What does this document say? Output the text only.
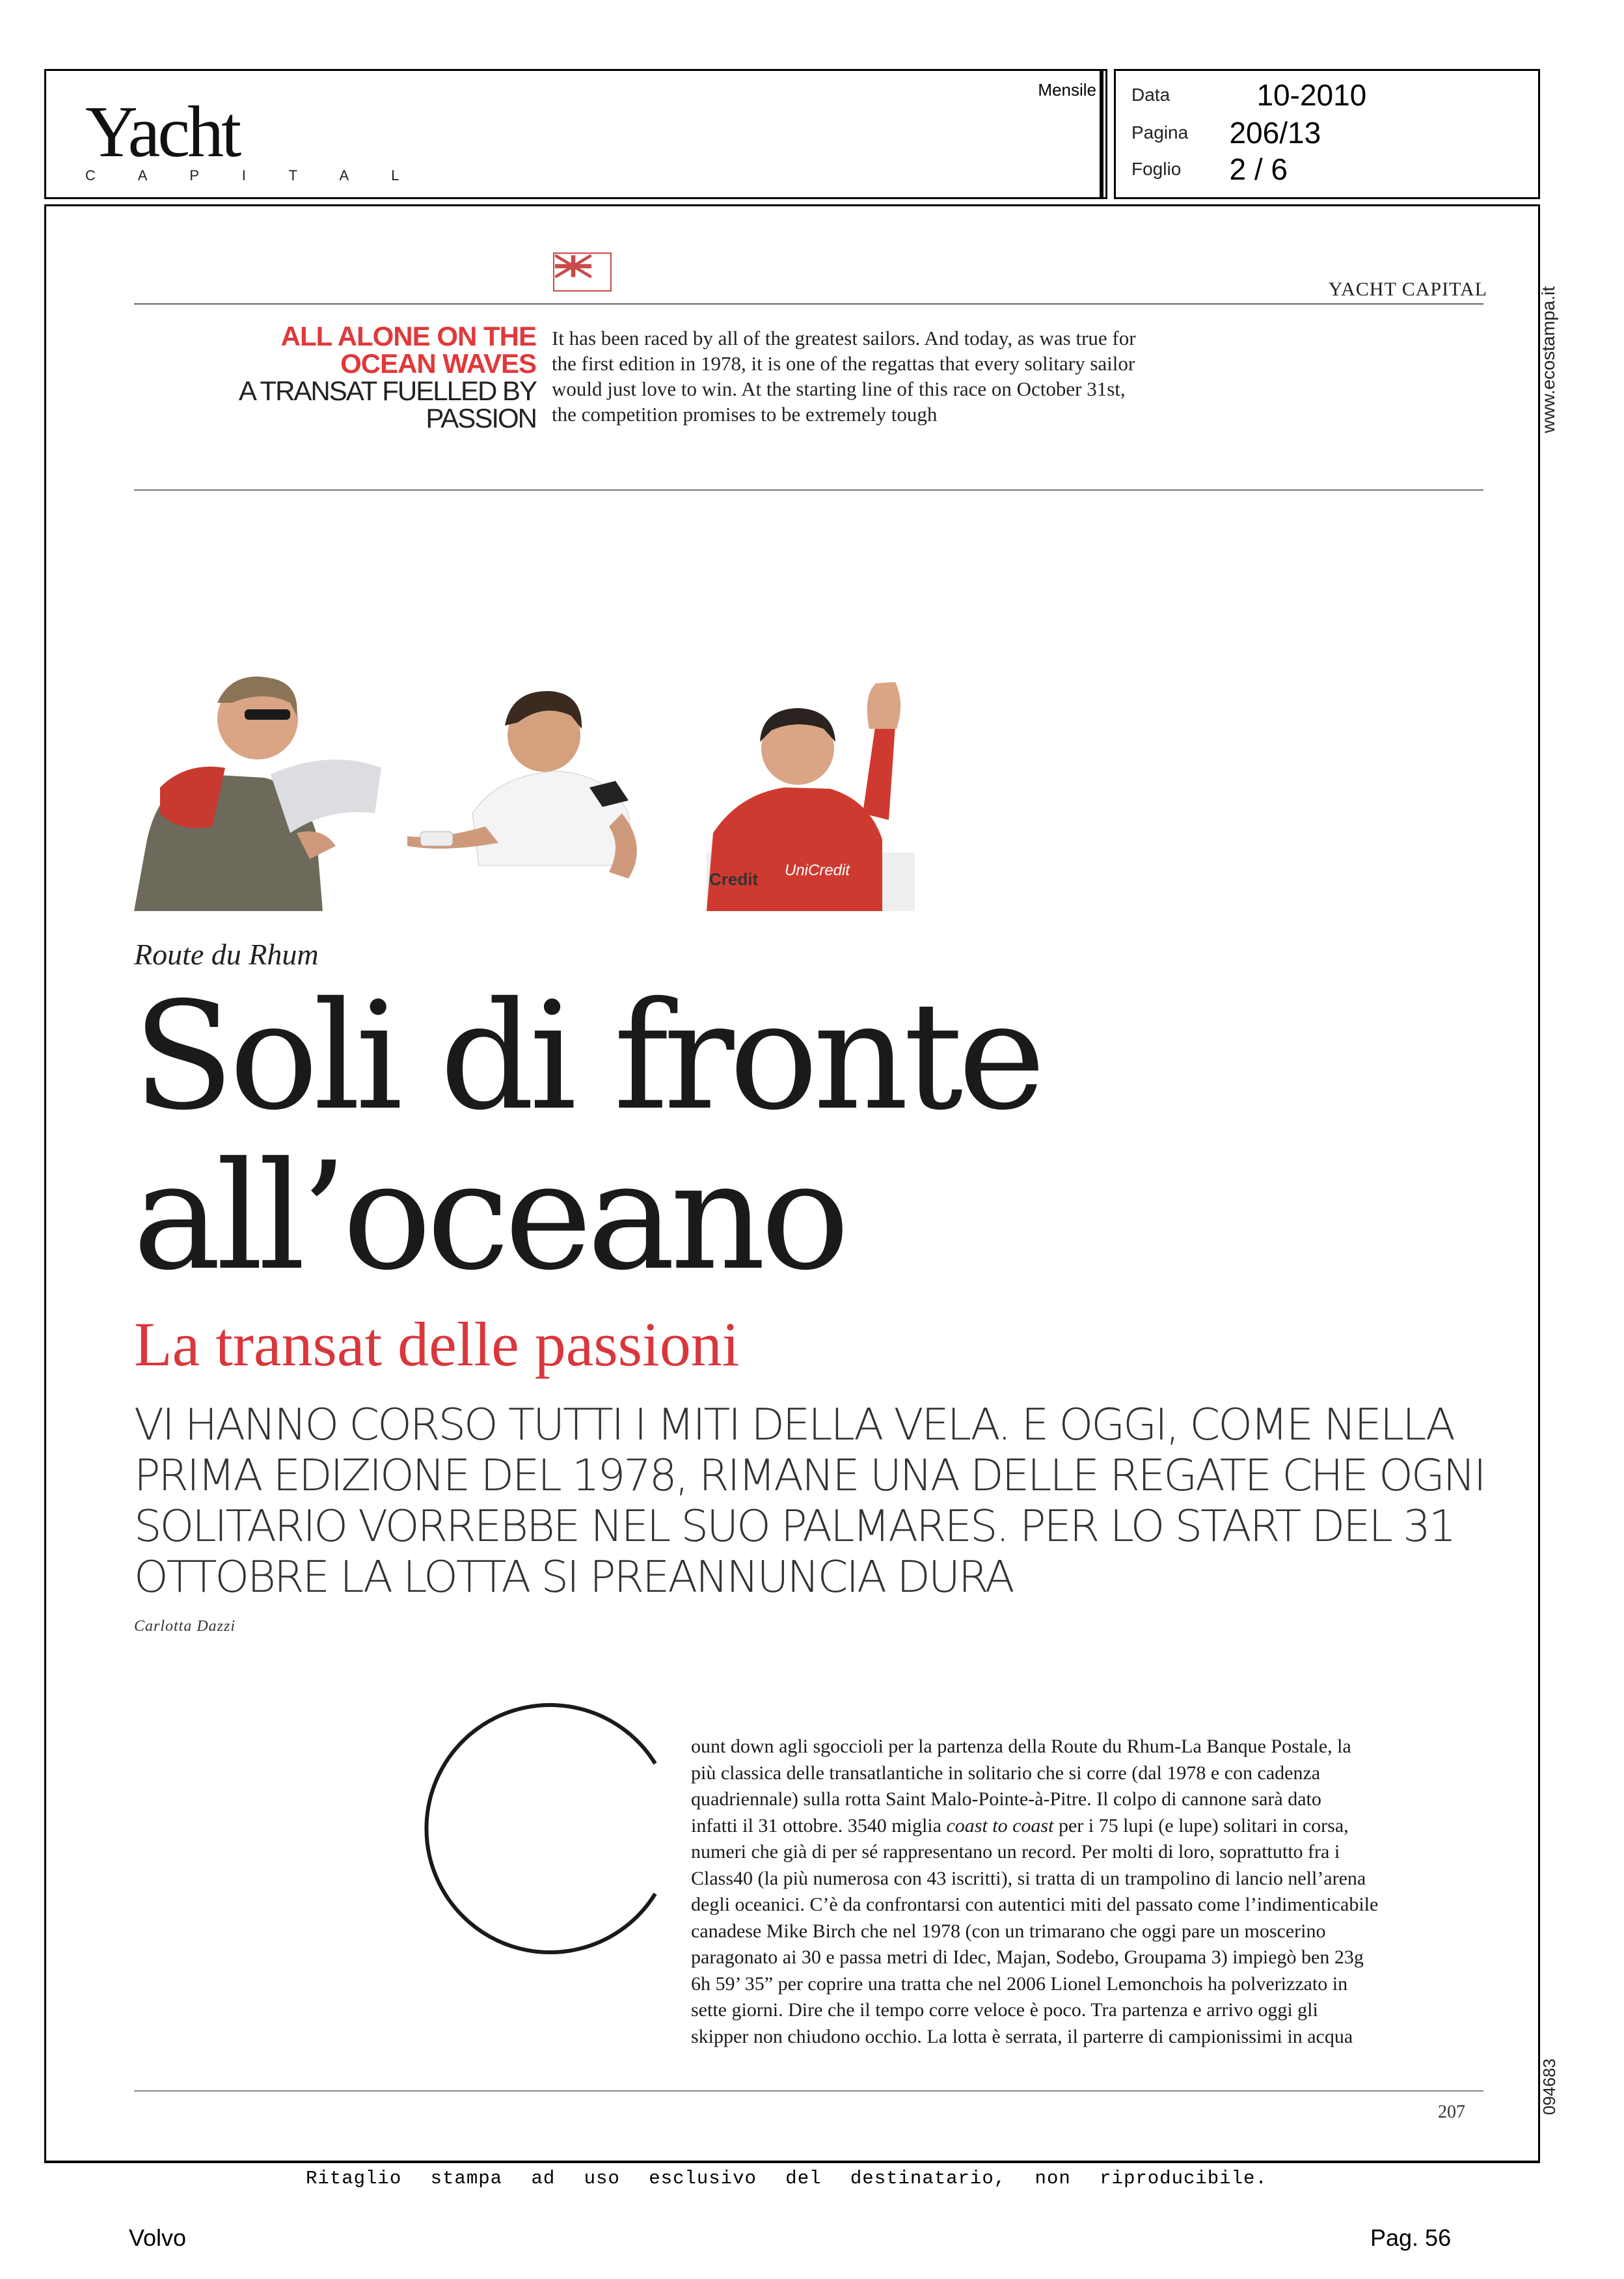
Yacht
C A P I T A L
Mensile Data	10-2010
Pagina 206/13
Foglio 2 / 6
www.ecostampa.it
094683
YACHT CAPITAL
ALL ALONE ON THE
OCEAN WAVES
A TRANSAT FUELLED BY
PASSION
It has been raced by all of the greatest sailors. And today, as was true for the first edition in 1978, it is one of the regattas that every solitary sailor would just love to win. At the starting line of this race on October 31st, the competition promises to be extremely tough
UniCredit
Credit
Route du Rhum
Soli di fronte
all’oceano
La transat delle passioni
VI HANNO CORSO TUTTI I MITI DELLA VELA. E OGGI, COME NELLA PRIMA EDIZIONE DEL 1978, RIMANE UNA DELLE REGATE CHE OGNI SOLITARIO VORREBBE NEL SUO PALMARES. PER LO START DEL 31 OTTOBRE LA LOTTA SI PREANNUNCIA DURA
Carlotta Dazzi
ount down agli sgoccioli per la partenza della Route du Rhum-La Banque Postale, la
più classica delle transatlantiche in solitario che si corre (dal 1978 e con cadenza
quadriennale) sulla rotta Saint Malo-Pointe-à-Pitre. Il colpo di cannone sarà dato
infatti il 31 ottobre. 3540 miglia coast to coast per i 75 lupi (e lupe) solitari in corsa,
numeri che già di per sé rappresentano un record. Per molti di loro, soprattutto fra i
Class40 (la più numerosa con 43 iscritti), si tratta di un trampolino di lancio nell’arena
degli oceanici. C’è da confrontarsi con autentici miti del passato come l’indimenticabile
canadese Mike Birch che nel 1978 (con un trimarano che oggi pare un moscerino
paragonato ai 30 e passa metri di Idec, Majan, Sodebo, Groupama 3) impiegò ben 23g
6h 59’ 35” per coprire una tratta che nel 2006 Lionel Lemonchois ha polverizzato in
sette giorni. Dire che il tempo corre veloce è poco. Tra partenza e arrivo oggi gli
skipper non chiudono occhio. La lotta è serrata, il parterre di campionissimi in acqua
207
Ritaglio stampa ad uso esclusivo del destinatario, non riproducibile.
Volvo	Pag. 56
